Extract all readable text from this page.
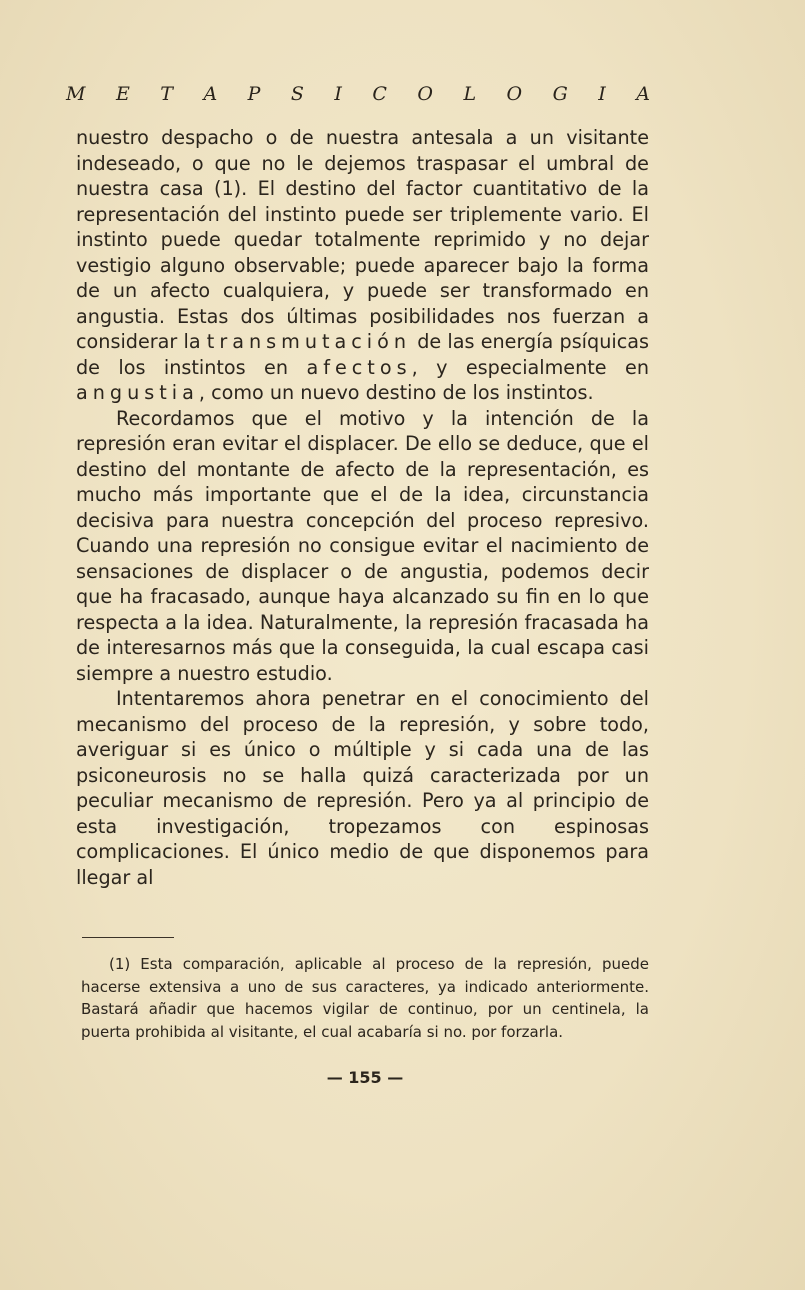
M E T A P S I C O L O G I A

nuestro despacho o de nuestra antesala a un visitante indeseado, o que no le dejemos traspasar el umbral de nuestra casa (1). El destino del factor cuantitativo de la representación del instinto puede ser triplemente vario. El instinto puede quedar totalmente reprimido y no dejar vestigio alguno observable; puede aparecer bajo la forma de un afecto cualquiera, y puede ser transformado en angustia. Estas dos últimas posibilidades nos fuerzan a considerar la transmutación de las energía psíquicas de los instintos en afectos, y especialmente en angustia, como un nuevo destino de los instintos.

Recordamos que el motivo y la intención de la represión eran evitar el displacer. De ello se deduce, que el destino del montante de afecto de la representación, es mucho más importante que el de la idea, circunstancia decisiva para nuestra concepción del proceso represivo. Cuando una represión no consigue evitar el nacimiento de sensaciones de displacer o de angustia, podemos decir que ha fracasado, aunque haya alcanzado su fin en lo que respecta a la idea. Naturalmente, la represión fracasada ha de interesarnos más que la conseguida, la cual escapa casi siempre a nuestro estudio.

Intentaremos ahora penetrar en el conocimiento del mecanismo del proceso de la represión, y sobre todo, averiguar si es único o múltiple y si cada una de las psiconeurosis no se halla quizá caracterizada por un peculiar mecanismo de represión. Pero ya al principio de esta investigación, tropezamos con espinosas complicaciones. El único medio de que disponemos para llegar al

(1) Esta comparación, aplicable al proceso de la represión, puede hacerse extensiva a uno de sus caracteres, ya indicado anteriormente. Bastará añadir que hacemos vigilar de continuo, por un centinela, la puerta prohibida al visitante, el cual acabaría si no. por forzarla.
— 155 —
